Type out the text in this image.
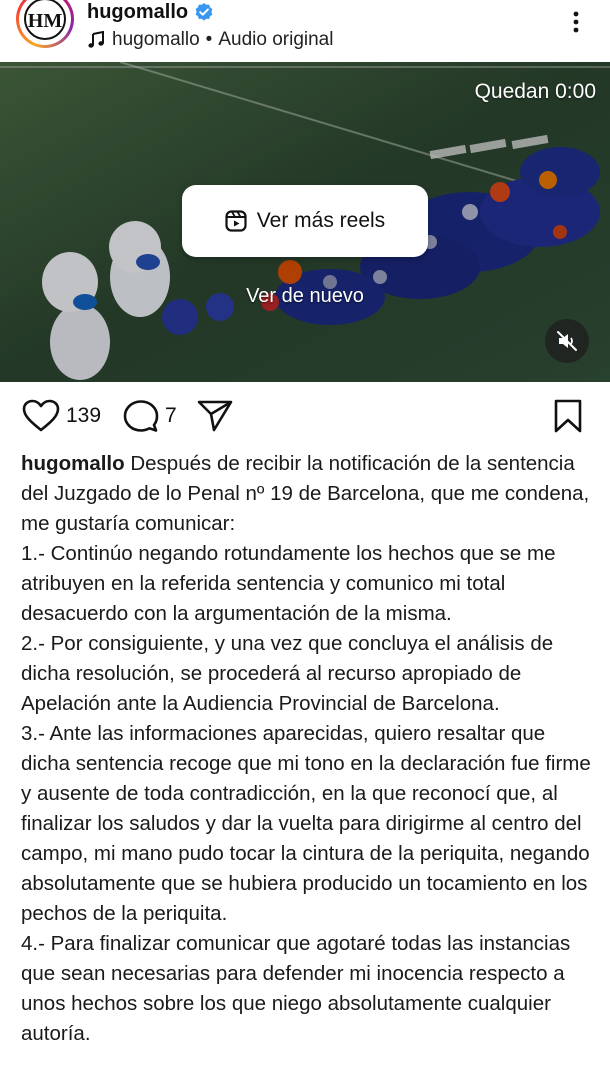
HM hugomallo
hugomallo • Audio original
Quedan 0:00
Ver más reels
Ver de nuevo
139	7

hugomallo Después de recibir la notificación de la sentencia del Juzgado de lo Penal nº 19 de Barcelona, que me condena, me gustaría comunicar:

1.- Continúo negando rotundamente los hechos que se me atribuyen en la referida sentencia y comunico mi total desacuerdo con la argumentación de la misma.

2.- Por consiguiente, y una vez que concluya el análisis de dicha resolución, se procederá al recurso apropiado de Apelación ante la Audiencia Provincial de Barcelona.

3.- Ante las informaciones aparecidas, quiero resaltar que dicha sentencia recoge que mi tono en la declaración fue firme y ausente de toda contradicción, en la que reconocí que, al finalizar los saludos y dar la vuelta para dirigirme al centro del campo, mi mano pudo tocar la cintura de la periquita, negando absolutamente que se hubiera producido un tocamiento en los pechos de la periquita.

4.- Para finalizar comunicar que agotaré todas las instancias que sean necesarias para defender mi inocencia respecto a unos hechos sobre los que niego absolutamente cualquier autoría.
